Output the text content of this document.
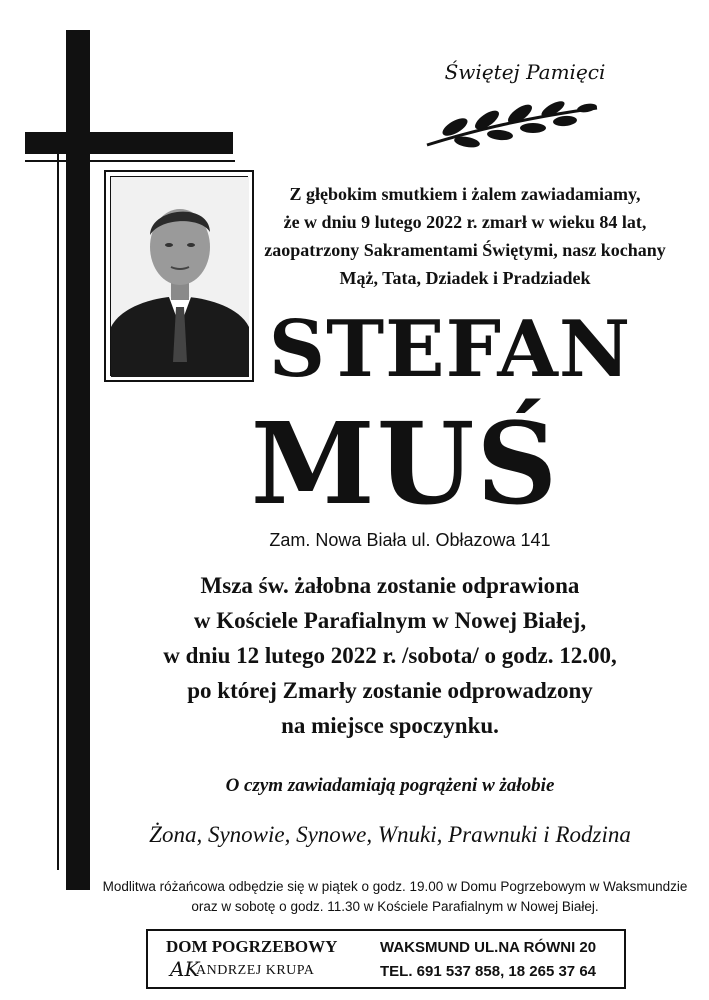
Świętej Pamięci
Z głębokim smutkiem i żalem zawiadamiamy,
że w dniu 9 lutego 2022 r. zmarł w wieku 84 lat,
zaopatrzony Sakramentami Świętymi, nasz kochany
Mąż, Tata, Dziadek i Pradziadek
STEFAN
MUŚ
Zam. Nowa Biała ul. Obłazowa 141
Msza św. żałobna zostanie odprawiona
w Kościele Parafialnym w Nowej Białej,
w dniu 12 lutego 2022 r. /sobota/ o godz. 12.00,
po której Zmarły zostanie odprowadzony
na miejsce spoczynku.
O czym zawiadamiają pogrążeni w żałobie
Żona, Synowie, Synowe, Wnuki, Prawnuki i Rodzina
Modlitwa różańcowa odbędzie się w piątek o godz. 19.00 w Domu Pogrzebowym w Waksmundzie
oraz w sobotę o godz. 11.30 w Kościele Parafialnym w Nowej Białej.
DOM POGRZEBOWY
AK
ANDRZEJ KRUPA
WAKSMUND UL.NA RÓWNI 20
TEL. 691 537 858, 18 265 37 64
